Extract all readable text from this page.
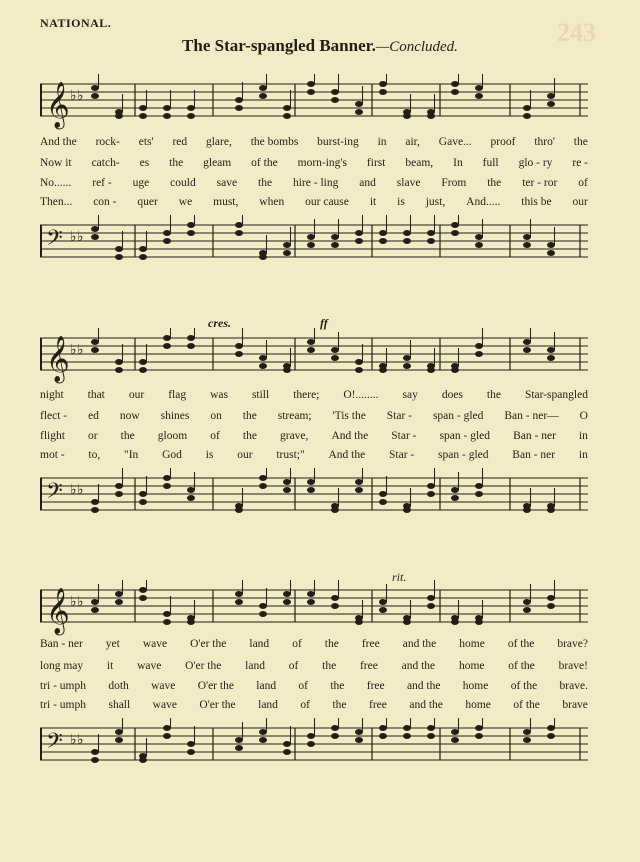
243
NATIONAL.
The Star-spangled Banner.—Concluded.
𝄞 ♭ ♭
And the rock- ets' red glare, the bombs burst-ing in air, Gave... proof thro' the
Now it catch- es the gleam of the morn-ing's first beam, In full glo - ry re -
No...... ref - uge could save the hire - ling and slave From the ter - ror of
Then... con - quer we must, when our cause it is just, And..... this be our
𝄢 ♭ ♭
cres.	ff
𝄞 ♭ ♭
night that our flag was still there; O!........ say does the Star-spangled
flect - ed now shines on the stream; 'Tis the Star - span - gled Ban - ner— O
flight or the gloom of the grave, And the Star - span - gled Ban - ner in
mot - to, "In God is our trust;" And the Star - span - gled Ban - ner in
𝄢 ♭ ♭
rit.
𝄞 ♭ ♭
Ban - ner yet wave O'er the land of the free and the home of the brave?
long may it wave O'er the land of the free and the home of the brave!
tri - umph doth wave O'er the land of the free and the home of the brave.
tri - umph shall wave O'er the land of the free and the home of the brave
𝄢 ♭ ♭
